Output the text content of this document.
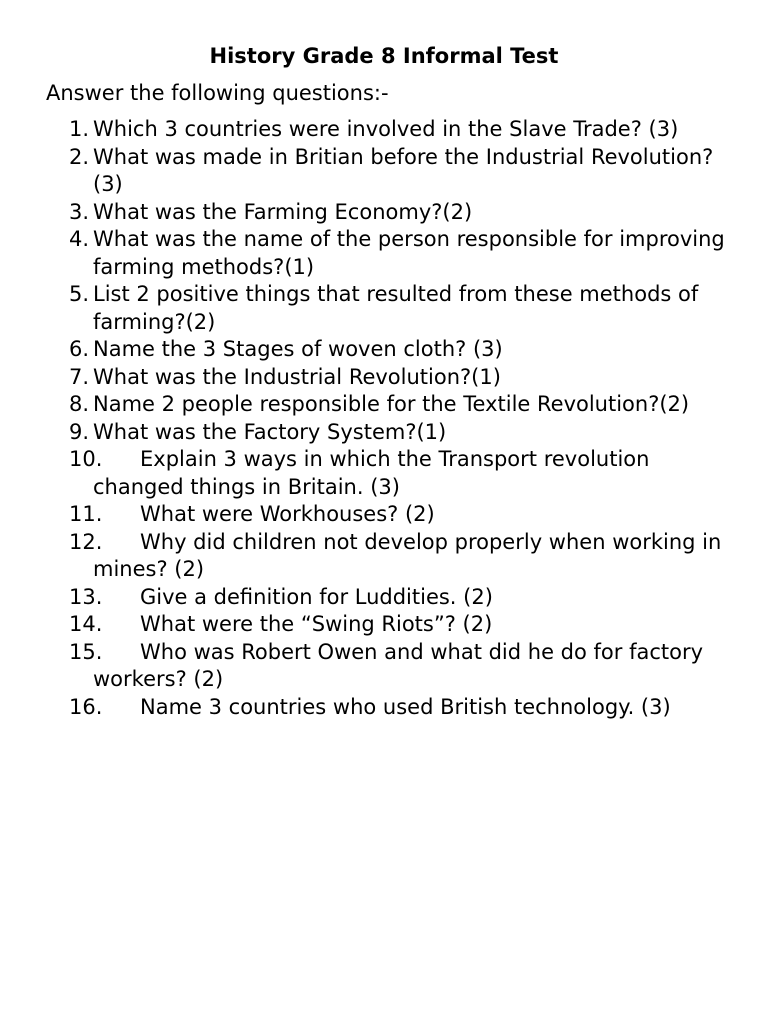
History Grade 8 Informal Test

Answer the following questions:-

1. Which 3 countries were involved in the Slave Trade? (3)
2. What was made in Britian before the Industrial Revolution?(3)
3. What was the Farming Economy?(2)
4. What was the name of the person responsible for improving farming methods?(1)
5. List 2 positive things that resulted from these methods of farming?(2)
6. Name the 3 Stages of woven cloth? (3)
7. What was the Industrial Revolution?(1)
8. Name 2 people responsible for the Textile Revolution?(2)
9. What was the Factory System?(1)
10.	Explain 3 ways in which the Transport revolution changed things in Britain. (3)
11.	What were Workhouses? (2)
12.	Why did children not develop properly when working in mines? (2)
13.	Give a definition for Luddities. (2)
14.	What were the “Swing Riots”? (2)
15.	Who was Robert Owen and what did he do for factory workers? (2)
16.	Name 3 countries who used British technology. (3)
